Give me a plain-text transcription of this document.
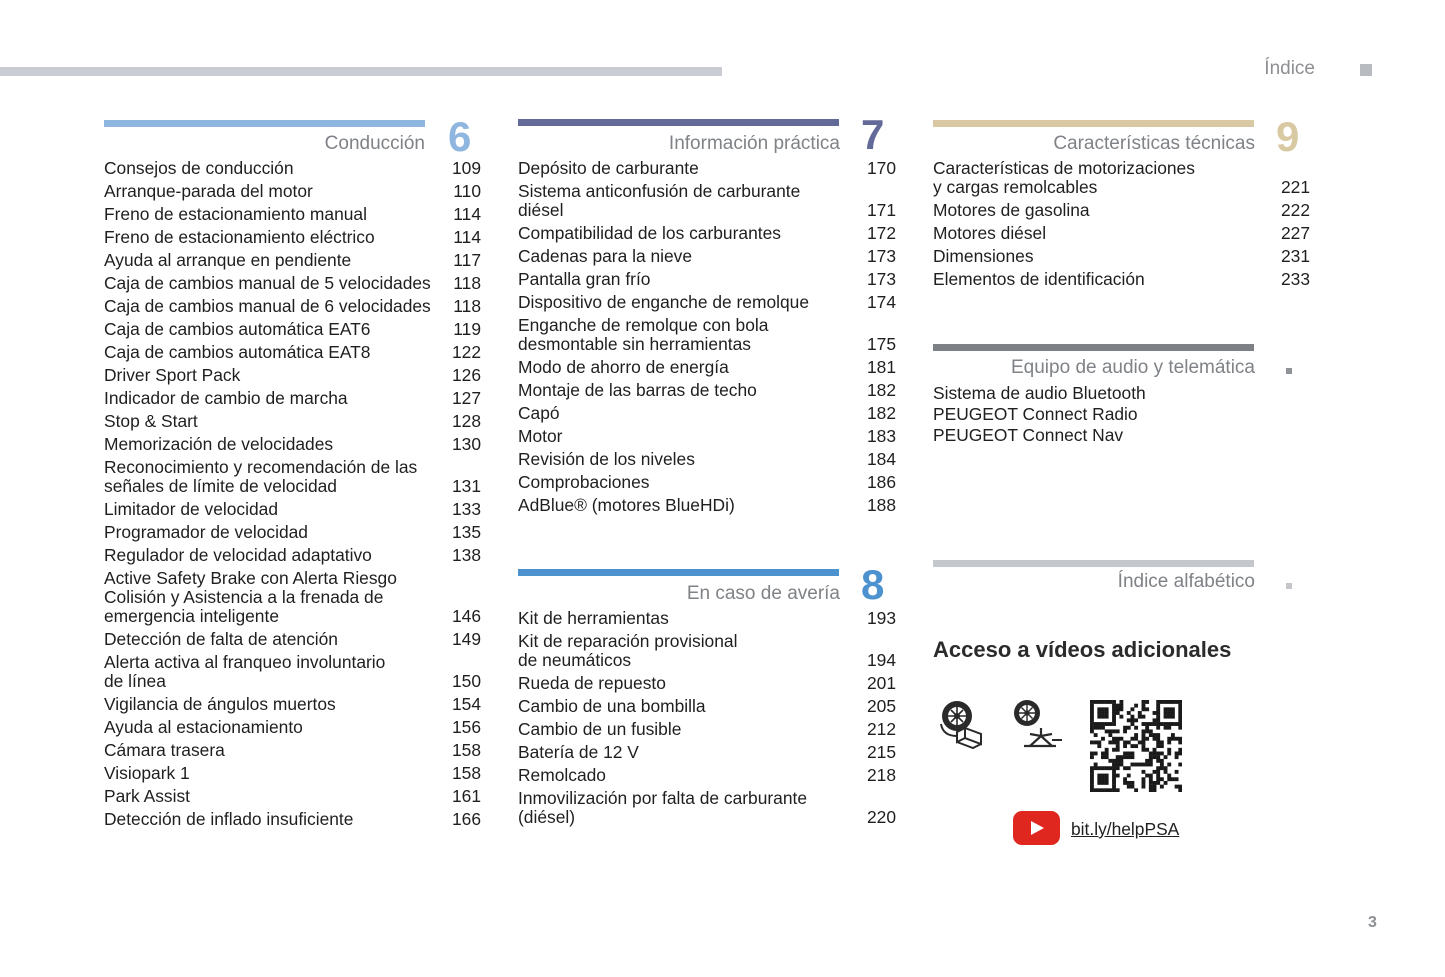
Índice
Conducción 6
Consejos de conducción	109
Arranque-parada del motor	110
Freno de estacionamiento manual	114
Freno de estacionamiento eléctrico	114
Ayuda al arranque en pendiente	117
Caja de cambios manual de 5 velocidades 118
Caja de cambios manual de 6 velocidades 118
Caja de cambios automática EAT6	119
Caja de cambios automática EAT8	122
Driver Sport Pack	126
Indicador de cambio de marcha	127
Stop & Start	128
Memorización de velocidades	130
Reconocimiento y recomendación de las
señales de límite de velocidad	131
Limitador de velocidad	133
Programador de velocidad	135
Regulador de velocidad adaptativo	138
Active Safety Brake con Alerta Riesgo
Colisión y Asistencia a la frenada de
emergencia inteligente	146
Detección de falta de atención	149
Alerta activa al franqueo involuntario
de línea	150
Vigilancia de ángulos muertos	154
Ayuda al estacionamiento	156
Cámara trasera	158
Visiopark 1	158
Park Assist	161
Detección de inflado insuficiente	166
Información práctica 7
Depósito de carburante	170
Sistema anticonfusión de carburante
diésel	171
Compatibilidad de los carburantes	172
Cadenas para la nieve	173
Pantalla gran frío	173
Dispositivo de enganche de remolque	174
Enganche de remolque con bola
desmontable sin herramientas	175
Modo de ahorro de energía	181
Montaje de las barras de techo	182
Capó	182
Motor	183
Revisión de los niveles	184
Comprobaciones	186
AdBlue® (motores BlueHDi)	188
En caso de avería 8
Kit de herramientas	193
Kit de reparación provisional
de neumáticos	194
Rueda de repuesto	201
Cambio de una bombilla	205
Cambio de un fusible	212
Batería de 12 V	215
Remolcado	218
Inmovilización por falta de carburante
(diésel)	220
Características técnicas 9
Características de motorizaciones
y cargas remolcables	221
Motores de gasolina	222
Motores diésel	227
Dimensiones	231
Elementos de identificación	233
Equipo de audio y telemática
Sistema de audio Bluetooth
PEUGEOT Connect Radio
PEUGEOT Connect Nav
Índice alfabético
Acceso a vídeos adicionales
bit.ly/helpPSA
3
